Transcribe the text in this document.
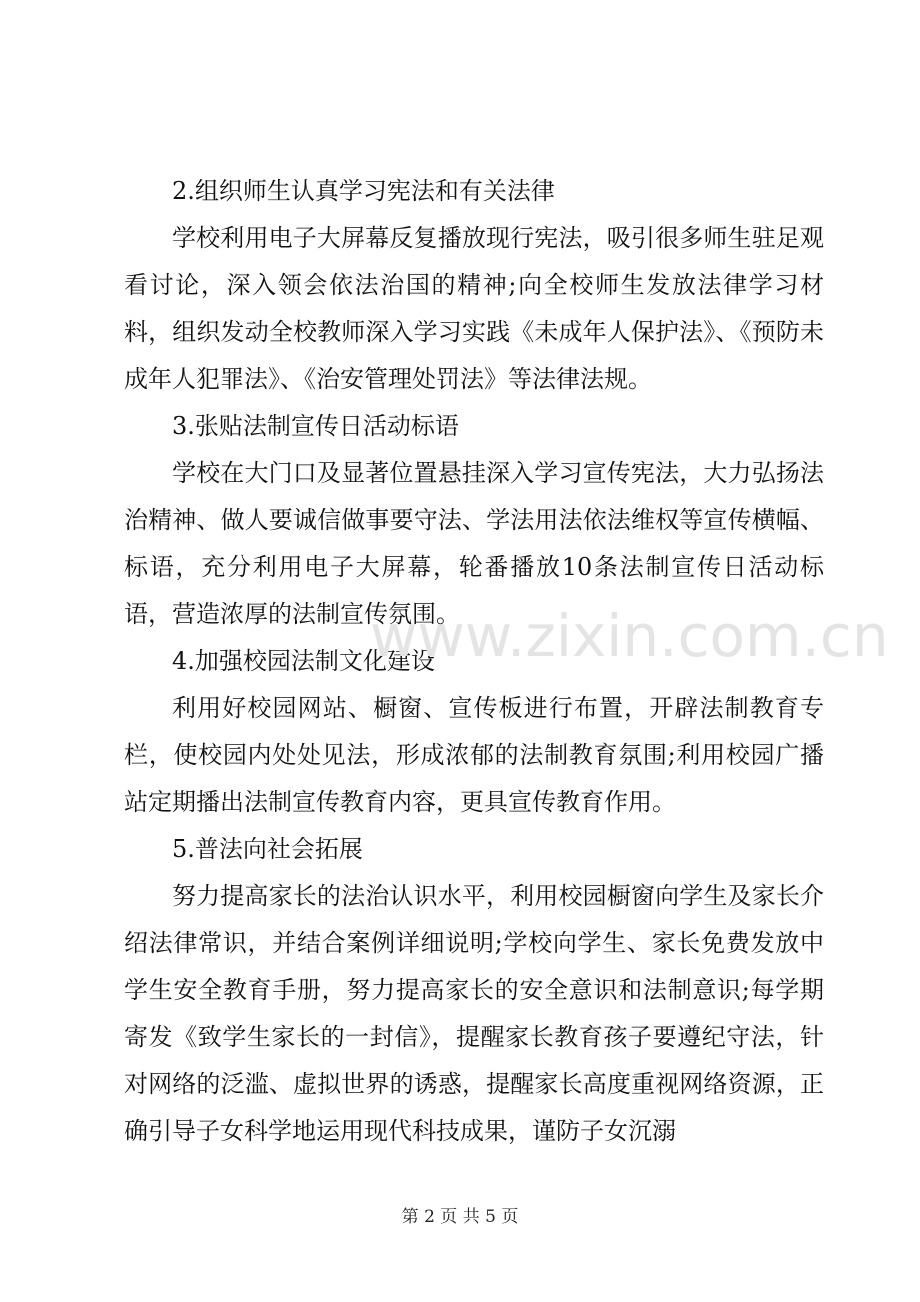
2.组织师生认真学习宪法和有关法律

学校利用电子大屏幕反复播放现行宪法，吸引很多师生驻足观看讨论，深入领会依法治国的精神;向全校师生发放法律学习材料，组织发动全校教师深入学习实践《未成年人保护法》、《预防未成年人犯罪法》、《治安管理处罚法》等法律法规。

3.张贴法制宣传日活动标语

学校在大门口及显著位置悬挂深入学习宣传宪法，大力弘扬法治精神、做人要诚信做事要守法、学法用法依法维权等宣传横幅、标语，充分利用电子大屏幕，轮番播放10条法制宣传日活动标语，营造浓厚的法制宣传氛围。

4.加强校园法制文化建设

利用好校园网站、橱窗、宣传板进行布置，开辟法制教育专栏，使校园内处处见法，形成浓郁的法制教育氛围;利用校园广播站定期播出法制宣传教育内容，更具宣传教育作用。

5.普法向社会拓展

努力提高家长的法治认识水平，利用校园橱窗向学生及家长介绍法律常识，并结合案例详细说明;学校向学生、家长免费发放中学生安全教育手册，努力提高家长的安全意识和法制意识;每学期寄发《致学生家长的一封信》，提醒家长教育孩子要遵纪守法，针对网络的泛滥、虚拟世界的诱惑，提醒家长高度重视网络资源，正确引导子女科学地运用现代科技成果，谨防子女沉溺

www.zixin.com.cn
第 2 页 共 5 页
